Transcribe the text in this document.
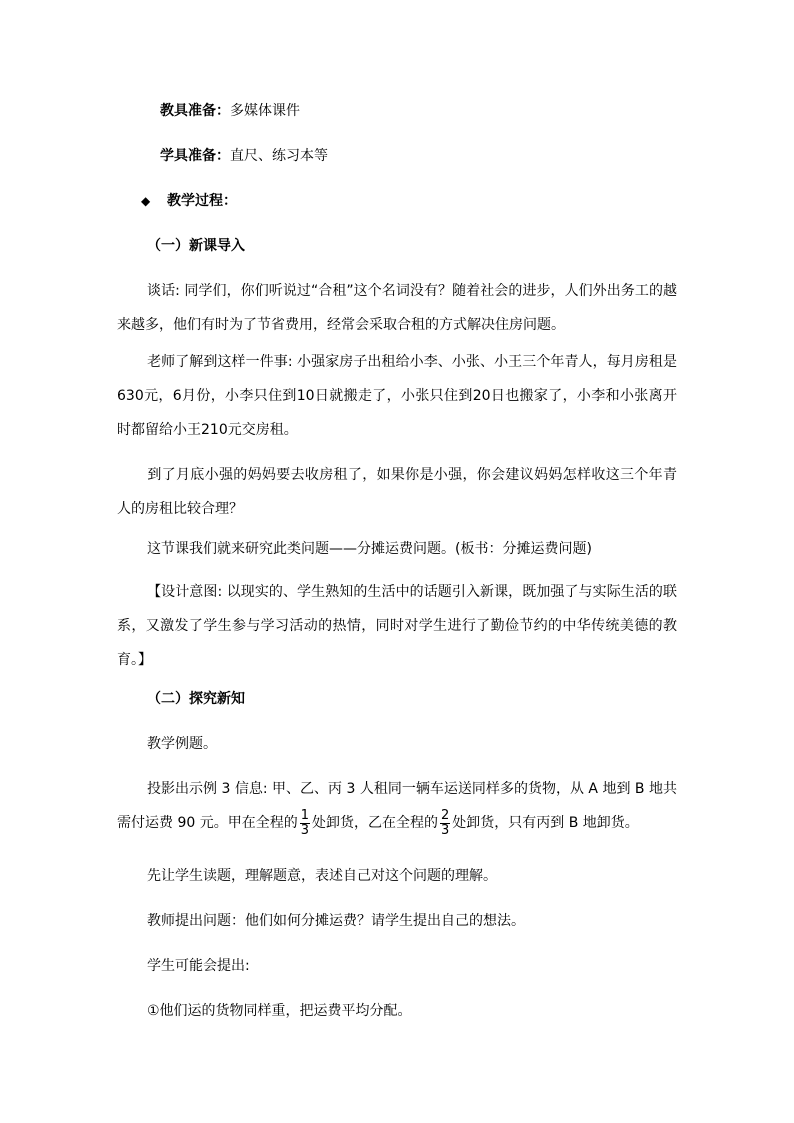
教具准备：多媒体课件
学具准备：直尺、练习本等
◆ 教学过程：
（一）新课导入
谈话: 同学们，你们听说过“合租”这个名词没有？随着社会的进步，人们外出务工的越来越多，他们有时为了节省费用，经常会采取合租的方式解决住房问题。
老师了解到这样一件事: 小强家房子出租给小李、小张、小王三个年青人，每月房租是630元，6月份，小李只住到10日就搬走了，小张只住到20日也搬家了，小李和小张离开时都留给小王210元交房租。
到了月底小强的妈妈要去收房租了，如果你是小强，你会建议妈妈怎样收这三个年青人的房租比较合理？
这节课我们就来研究此类问题——分摊运费问题。(板书：分摊运费问题)
【设计意图: 以现实的、学生熟知的生活中的话题引入新课，既加强了与实际生活的联系，又激发了学生参与学习活动的热情，同时对学生进行了勤俭节约的中华传统美德的教育。】
（二）探究新知
教学例题。
投影出示例 3 信息: 甲、乙、丙 3 人租同一辆车运送同样多的货物，从 A 地到 B 地共需付运费 90 元。甲在全程的 $\frac{1}{3}$ 处卸货，乙在全程的 $\frac{2}{3}$ 处卸货，只有丙到 B 地卸货。
先让学生读题，理解题意，表述自己对这个问题的理解。
教师提出问题：他们如何分摊运费？请学生提出自己的想法。
学生可能会提出:
①他们运的货物同样重，把运费平均分配。
